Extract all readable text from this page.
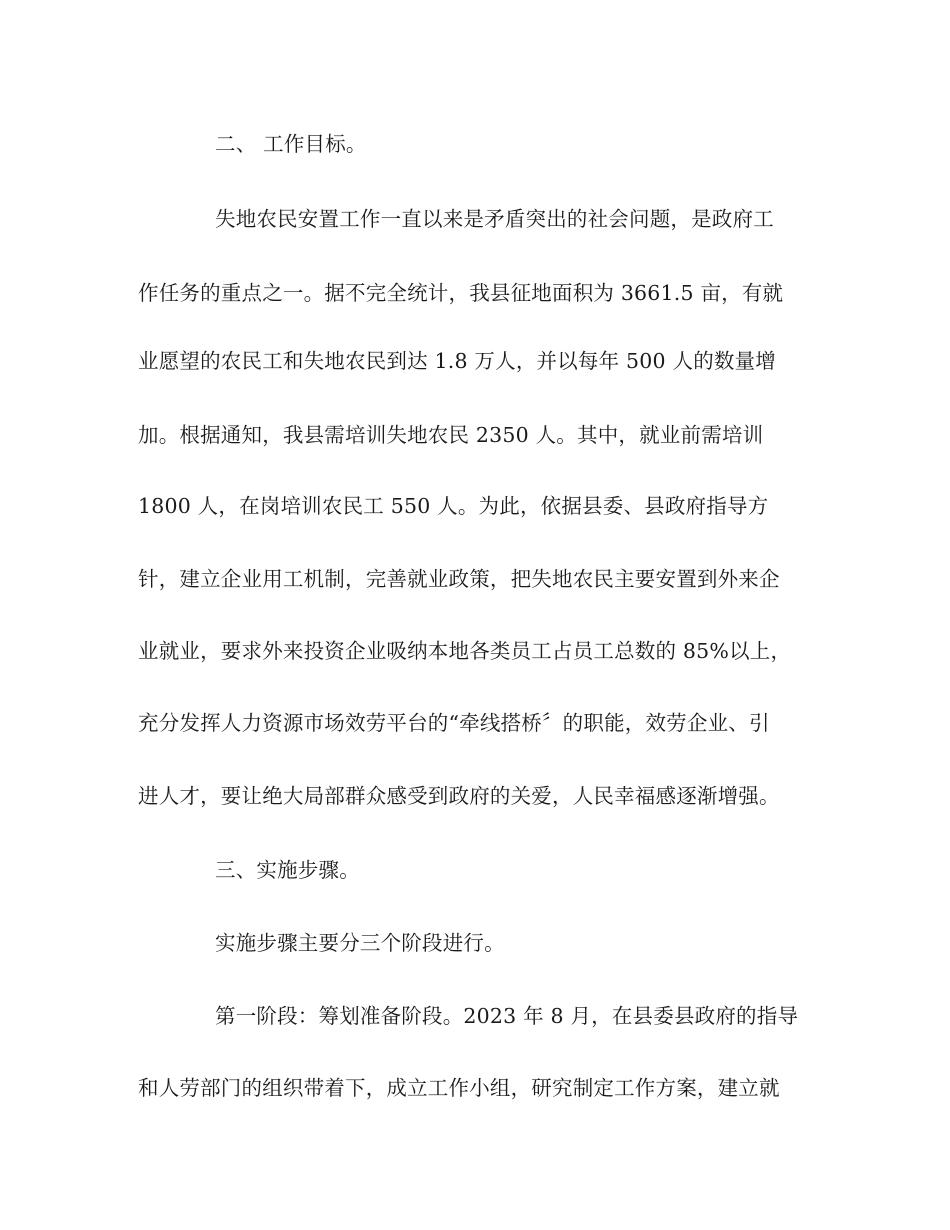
二、 工作目标。
失地农民安置工作一直以来是矛盾突出的社会问题，是政府工
作任务的重点之一。据不完全统计，我县征地面积为 3661.5 亩，有就
业愿望的农民工和失地农民到达 1.8 万人，并以每年 500 人的数量增
加。根据通知，我县需培训失地农民 2350 人。其中，就业前需培训
1800 人，在岗培训农民工 550 人。为此，依据县委、县政府指导方
针，建立企业用工机制，完善就业政策，把失地农民主要安置到外来企
业就业，要求外来投资企业吸纳本地各类员工占员工总数的 85%以上，
充分发挥人力资源市场效劳平台的“牵线搭桥〞的职能，效劳企业、引
进人才，要让绝大局部群众感受到政府的关爱，人民幸福感逐渐增强。
三、实施步骤。
实施步骤主要分三个阶段进行。
第一阶段：筹划准备阶段。2023 年 8 月，在县委县政府的指导
和人劳部门的组织带着下，成立工作小组，研究制定工作方案，建立就
